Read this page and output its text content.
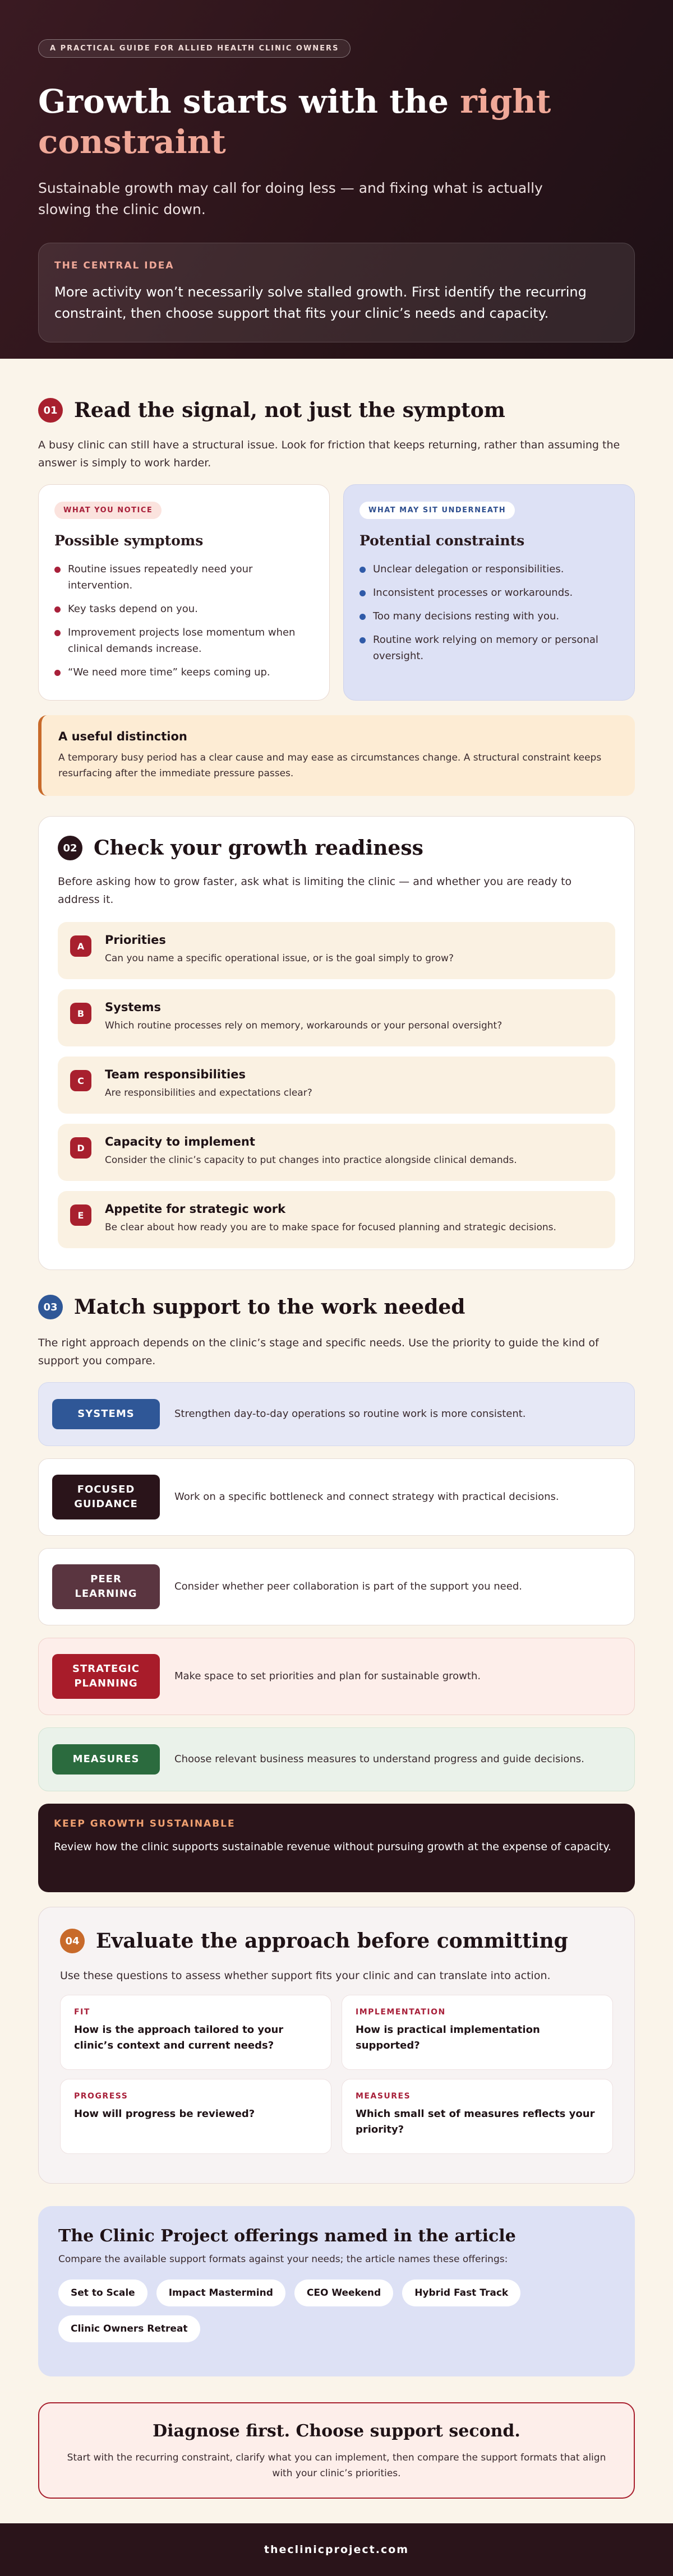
A PRACTICAL GUIDE FOR ALLIED HEALTH CLINIC OWNERS
Growth starts with the right constraint

Sustainable growth may call for doing less — and fixing what is actually slowing the clinic down.

THE CENTRAL IDEA
More activity won’t necessarily solve stalled growth. First identify the recurring constraint, then choose support that fits your clinic’s needs and capacity.
01 Read the signal, not just the symptom

A busy clinic can still have a structural issue. Look for friction that keeps returning, rather than assuming the answer is simply to work harder.

WHAT YOU NOTICE
Possible symptoms
Routine issues repeatedly need your intervention.
Key tasks depend on you.
Improvement projects lose momentum when clinical demands increase.
“We need more time” keeps coming up.
WHAT MAY SIT UNDERNEATH
Potential constraints
Unclear delegation or responsibilities.
Inconsistent processes or workarounds.
Too many decisions resting with you.
Routine work relying on memory or personal oversight.
A useful distinction
A temporary busy period has a clear cause and may ease as circumstances change. A structural constraint keeps resurfacing after the immediate pressure passes.
02 Check your growth readiness

Before asking how to grow faster, ask what is limiting the clinic — and whether you are ready to address it.

A	Priorities
Can you name a specific operational issue, or is the goal simply to grow?
B	Systems
Which routine processes rely on memory, workarounds or your personal oversight?
C	Team responsibilities
Are responsibilities and expectations clear?
D	Capacity to implement
Consider the clinic’s capacity to put changes into practice alongside clinical demands.
E	Appetite for strategic work
Be clear about how ready you are to make space for focused planning and strategic decisions.
03 Match support to the work needed

The right approach depends on the clinic’s stage and specific needs. Use the priority to guide the kind of support you compare.

SYSTEMS	Strengthen day-to-day operations so routine work is more consistent.
FOCUSED GUIDANCE
Work on a specific bottleneck and connect strategy with practical decisions.
PEER LEARNING
Consider whether peer collaboration is part of the support you need.
STRATEGIC PLANNING
Make space to set priorities and plan for sustainable growth.
MEASURES	Choose relevant business measures to understand progress and guide decisions.
KEEP GROWTH SUSTAINABLE
Review how the clinic supports sustainable revenue without pursuing growth at the expense of capacity.
04 Evaluate the approach before committing

Use these questions to assess whether support fits your clinic and can translate into action.

FIT
How is the approach tailored to your clinic’s context and current needs?
IMPLEMENTATION
How is practical implementation supported?
PROGRESS
How will progress be reviewed?
MEASURES
Which small set of measures reflects your priority?
The Clinic Project offerings named in the article

Compare the available support formats against your needs; the article names these offerings:

Set to Scale	Impact Mastermind	CEO Weekend	Hybrid Fast Track
Clinic Owners Retreat
Diagnose first. Choose support second.

Start with the recurring constraint, clarify what you can implement, then compare the support formats that align with your clinic’s priorities.

theclinicproject.com
